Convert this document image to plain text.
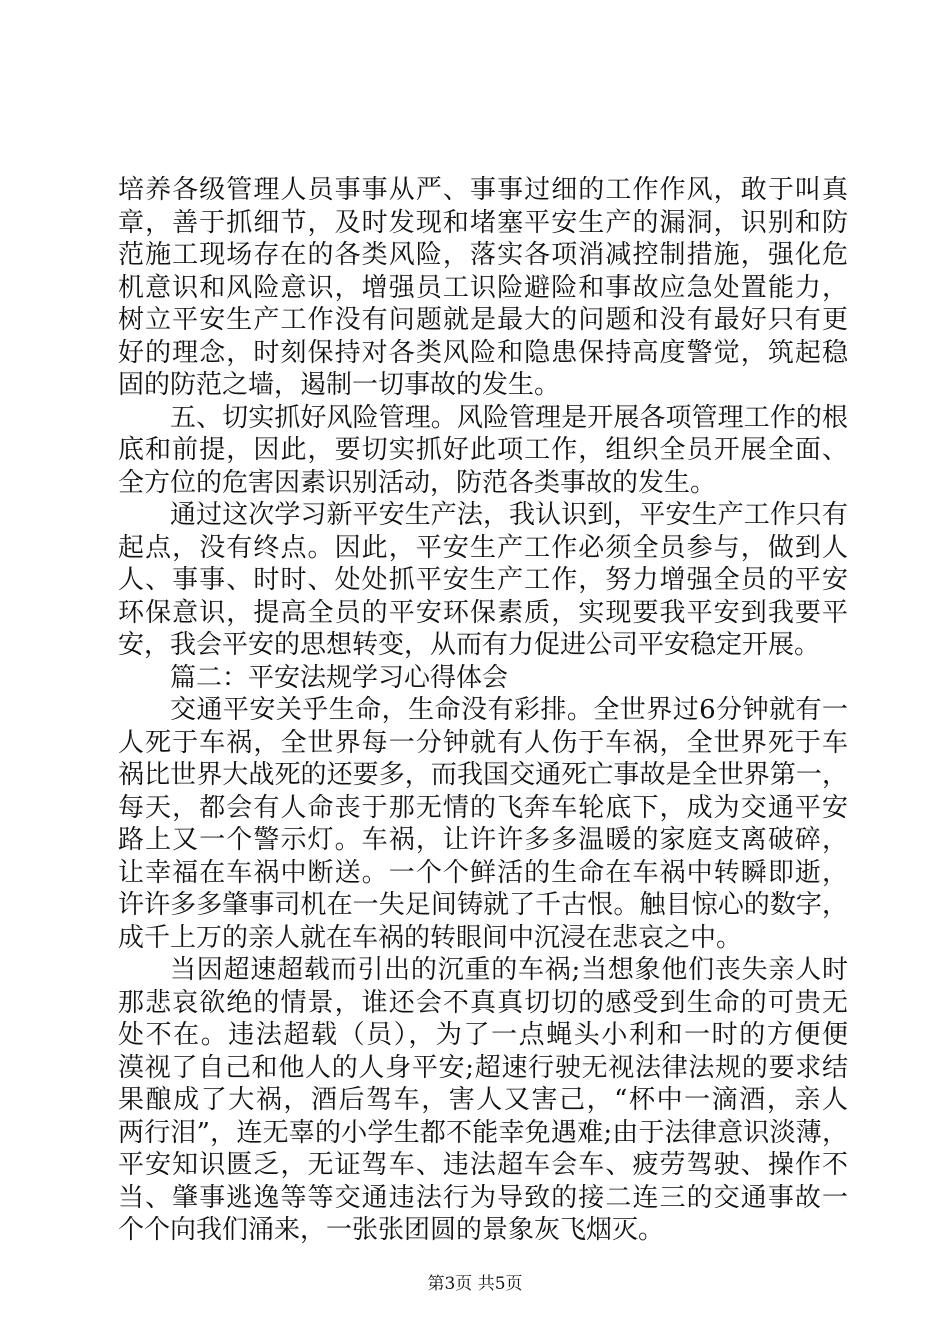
培养各级管理人员事事从严、事事过细的工作作风，敢于叫真
章，善于抓细节，及时发现和堵塞平安生产的漏洞，识别和防
范施工现场存在的各类风险，落实各项消减控制措施，强化危
机意识和风险意识，增强员工识险避险和事故应急处置能力，
树立平安生产工作没有问题就是最大的问题和没有最好只有更
好的理念，时刻保持对各类风险和隐患保持高度警觉，筑起稳
固的防范之墙，遏制一切事故的发生。
五、切实抓好风险管理。风险管理是开展各项管理工作的根
底和前提，因此，要切实抓好此项工作，组织全员开展全面、
全方位的危害因素识别活动，防范各类事故的发生。
通过这次学习新平安生产法，我认识到，平安生产工作只有
起点，没有终点。因此，平安生产工作必须全员参与，做到人
人、事事、时时、处处抓平安生产工作，努力增强全员的平安
环保意识，提高全员的平安环保素质，实现要我平安到我要平
安，我会平安的思想转变，从而有力促进公司平安稳定开展。
篇二：平安法规学习心得体会
交通平安关乎生命，生命没有彩排。全世界过6分钟就有一
人死于车祸，全世界每一分钟就有人伤于车祸，全世界死于车
祸比世界大战死的还要多，而我国交通死亡事故是全世界第一，
每天，都会有人命丧于那无情的飞奔车轮底下，成为交通平安
路上又一个警示灯。车祸，让许许多多温暖的家庭支离破碎，
让幸福在车祸中断送。一个个鲜活的生命在车祸中转瞬即逝，
许许多多肇事司机在一失足间铸就了千古恨。触目惊心的数字，
成千上万的亲人就在车祸的转眼间中沉浸在悲哀之中。
当因超速超载而引出的沉重的车祸;当想象他们丧失亲人时
那悲哀欲绝的情景，谁还会不真真切切的感受到生命的可贵无
处不在。违法超载（员），为了一点蝇头小利和一时的方便便
漠视了自己和他人的人身平安;超速行驶无视法律法规的要求结
果酿成了大祸，酒后驾车，害人又害己，“杯中一滴酒，亲人
两行泪”，连无辜的小学生都不能幸免遇难;由于法律意识淡薄，
平安知识匮乏，无证驾车、违法超车会车、疲劳驾驶、操作不
当、肇事逃逸等等交通违法行为导致的接二连三的交通事故一
个个向我们涌来，一张张团圆的景象灰飞烟灭。
第3页 共5页
